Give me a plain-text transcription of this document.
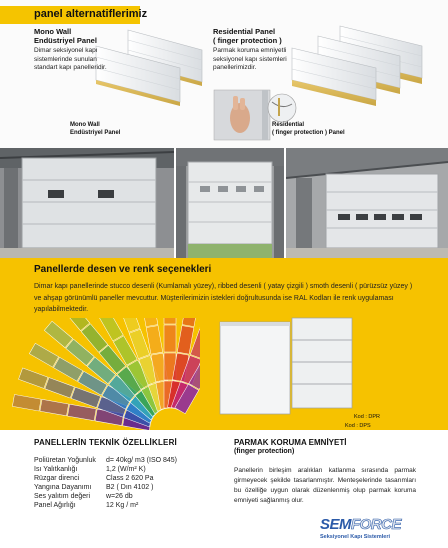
panel alternatiflerimiz
Mono Wall
Endüstriyel Panel
Dimar seksiyonel kapı sistemlerinde sunulan standart kapı panelleridir.
Residential Panel
( finger protection )
Parmak koruma emniyetli seksiyonel kapı sistemleri panellerimizdir.
Mono Wall
Endüstriyel Panel
Residential
( finger protection ) Panel
Panellerde desen ve renk seçenekleri
Dimar kapı panellerinde stucco desenli (Kumlamalı yüzey), ribbed desenli ( yatay çizgili ) smoth desenli ( pürüzsüz yüzey ) ve ahşap görünümlü paneller mevcuttur. Müşterilerimizin istekleri doğrultusunda ise RAL Kodları ile renk uygulaması yapılabilmektedir.
Kod : DPR
Kod : DPS
PANELLERİN TEKNİK ÖZELLİKLERİ
Poliüretan Yoğunluk	d= 40kg/ m3 (ISO 845)
Isı Yalıtkanlığı	1,2 (W/m² K)
Rüzgar direnci	Class 2 620 Pa
Yangına Dayanımı	B2 ( Dın 4102 )
Ses yalıtım değeri	w=26 db
Panel Ağırlığı	12 Kg / m²
PARMAK KORUMA EMNİYETİ
(finger protection)
Panellerin birleşim aralıkları katlanma sırasında parmak girmeyecek şekilde tasarlanmıştır. Menteşelerinde tasarımları bu özelliğe uygun olarak düzenlenmiş olup parmak koruma emniyeti sağlanmış olur.
SEMFORCE
Seksiyonel Kapı Sistemleri
